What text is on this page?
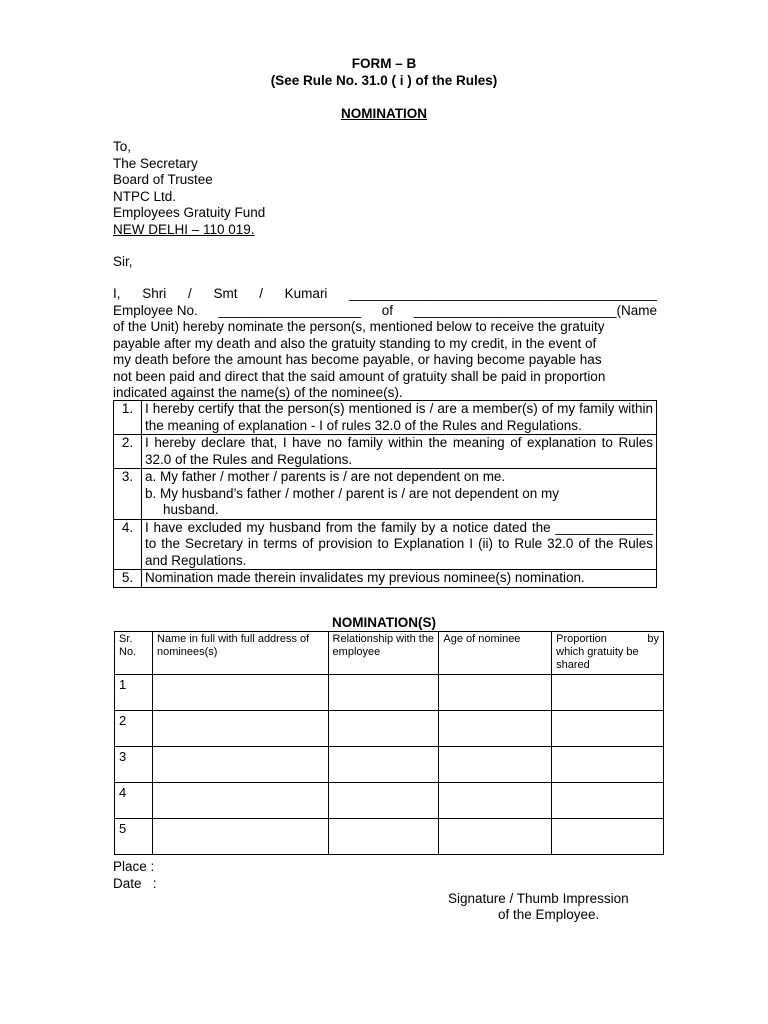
FORM – B
(See Rule No. 31.0 ( i ) of the Rules)
NOMINATION
To,
The Secretary
Board of Trustee
NTPC Ltd.
Employees Gratuity Fund
NEW DELHI – 110 019.
Sir,
I, Shri / Smt / Kumari _________________________________________
Employee No. ___________________ of ___________________________(Name
of the Unit) hereby nominate the person(s, mentioned below to receive the gratuity
payable after my death and also the gratuity standing to my credit, in the event of
my death before the amount has become payable, or having become payable has
not been paid and direct that the said amount of gratuity shall be paid in proportion
indicated against the name(s) of the nominee(s).
1.	I hereby certify that the person(s) mentioned is / are a member(s) of my family within the meaning of explanation - I of rules 32.0 of the Rules and Regulations.
2.	I hereby declare that, I have no family within the meaning of explanation to Rules 32.0 of the Rules and Regulations.
3.	a. My father / mother / parents is / are not dependent on me.
b. My husband’s father / mother / parent is / are not dependent on my
husband.

4.	I have excluded my husband from the family by a notice dated the _____________ to the Secretary in terms of provision to Explanation I (ii) to Rule 32.0 of the Rules and Regulations.
5.	Nomination made therein invalidates my previous nominee(s) nomination.
NOMINATION(S)
Sr. No.	Name in full with full address of nominees(s)	Relationship with the employee	Age of nominee	Proportion by
which gratuity be shared

1				
2				
3				
4				
5				
Place :
Date   :
Signature / Thumb Impression
of the Employee.
